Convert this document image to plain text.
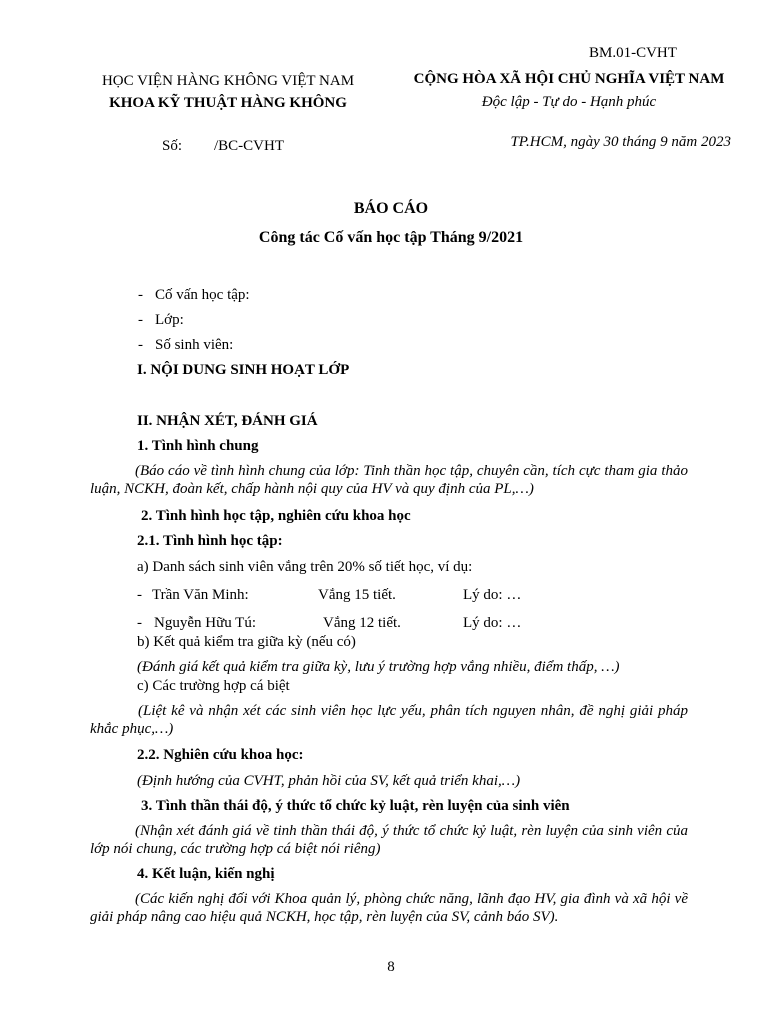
BM.01-CVHT
HỌC VIỆN HÀNG KHÔNG VIỆT NAM
KHOA KỸ THUẬT HÀNG KHÔNG
CỘNG HÒA XÃ HỘI CHỦ NGHĨA VIỆT NAM
Độc lập - Tự do - Hạnh phúc
Số: /BC-CVHT	TP.HCM, ngày 30 tháng 9 năm 2023
BÁO CÁO
Công tác Cố vấn học tập Tháng 9/2021
- Cố vấn học tập:
- Lớp:
- Số sinh viên:
I. NỘI DUNG SINH HOẠT LỚP
II. NHẬN XÉT, ĐÁNH GIÁ
1. Tình hình chung
(Báo cáo về tình hình chung của lớp: Tinh thần học tập, chuyên cần, tích cực tham gia thảo luận, NCKH, đoàn kết, chấp hành nội quy của HV và quy định của PL,…)
2. Tình hình học tập, nghiên cứu khoa học
2.1. Tình hình học tập:
a) Danh sách sinh viên vắng trên 20% số tiết học, ví dụ:
- Trần Văn Minh:	Vắng 15 tiết.	Lý do: …
- Nguyễn Hữu Tú:	Vắng 12 tiết.	Lý do: …
b) Kết quả kiểm tra giữa kỳ (nếu có)
(Đánh giá kết quả kiểm tra giữa kỳ, lưu ý trường hợp vắng nhiều, điểm thấp, …)
c) Các trường hợp cá biệt
(Liệt kê và nhận xét các sinh viên học lực yếu, phân tích nguyen nhân, đề nghị giải pháp khắc phục,…)
2.2. Nghiên cứu khoa học:
(Định hướng của CVHT, phản hồi của SV, kết quả triển khai,…)
3. Tình thần thái độ, ý thức tổ chức kỷ luật, rèn luyện của sinh viên
(Nhận xét đánh giá về tinh thần thái độ, ý thức tổ chức kỷ luật, rèn luyện của sinh viên của lớp nói chung, các trường hợp cá biệt nói riêng)
4. Kết luận, kiến nghị
(Các kiến nghị đối với Khoa quản lý, phòng chức năng, lãnh đạo HV, gia đình và xã hội về giải pháp nâng cao hiệu quả NCKH, học tập, rèn luyện của SV, cảnh báo SV).
8
